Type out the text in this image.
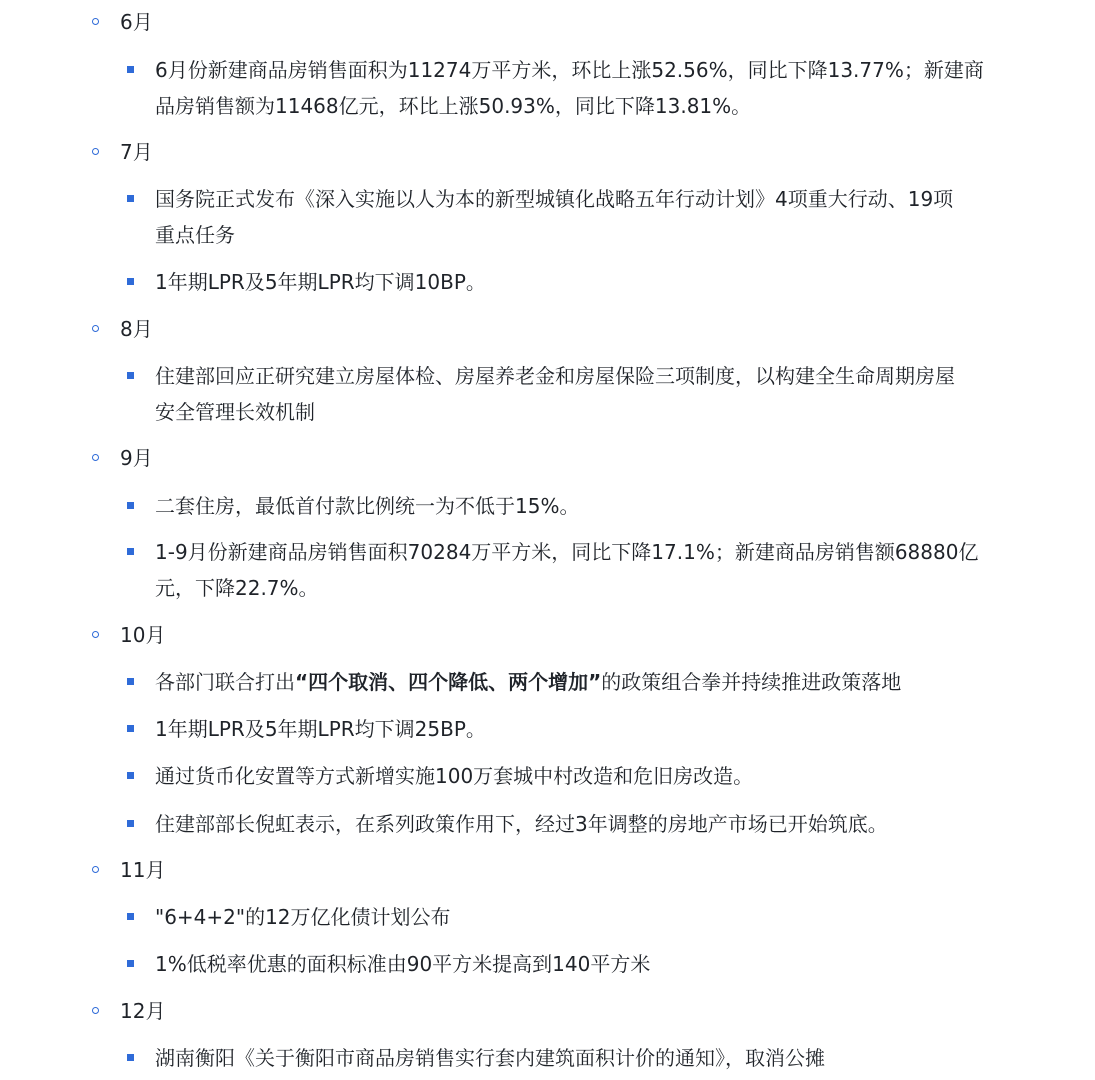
6月
6月份新建商品房销售面积为11274万平方米，环比上涨52.56%，同比下降13.77%；新建商
品房销售额为11468亿元，环比上涨50.93%，同比下降13.81%。
7月
国务院正式发布《深入实施以人为本的新型城镇化战略五年行动计划》4项重大行动、19项
重点任务
1年期LPR及5年期LPR均下调10BP。
8月
住建部回应正研究建立房屋体检、房屋养老金和房屋保险三项制度，以构建全生命周期房屋
安全管理长效机制
9月
二套住房，最低首付款比例统一为不低于15%。
1-9月份新建商品房销售面积70284万平方米，同比下降17.1%；新建商品房销售额68880亿
元，下降22.7%。
10月
各部门联合打出“四个取消、四个降低、两个增加”的政策组合拳并持续推进政策落地
1年期LPR及5年期LPR均下调25BP。
通过货币化安置等方式新增实施100万套城中村改造和危旧房改造。
住建部部长倪虹表示，在系列政策作用下，经过3年调整的房地产市场已开始筑底。
11月
"6+4+2"的12万亿化债计划公布
1%低税率优惠的面积标准由90平方米提高到140平方米
12月
湖南衡阳《关于衡阳市商品房销售实行套内建筑面积计价的通知》，取消公摊
